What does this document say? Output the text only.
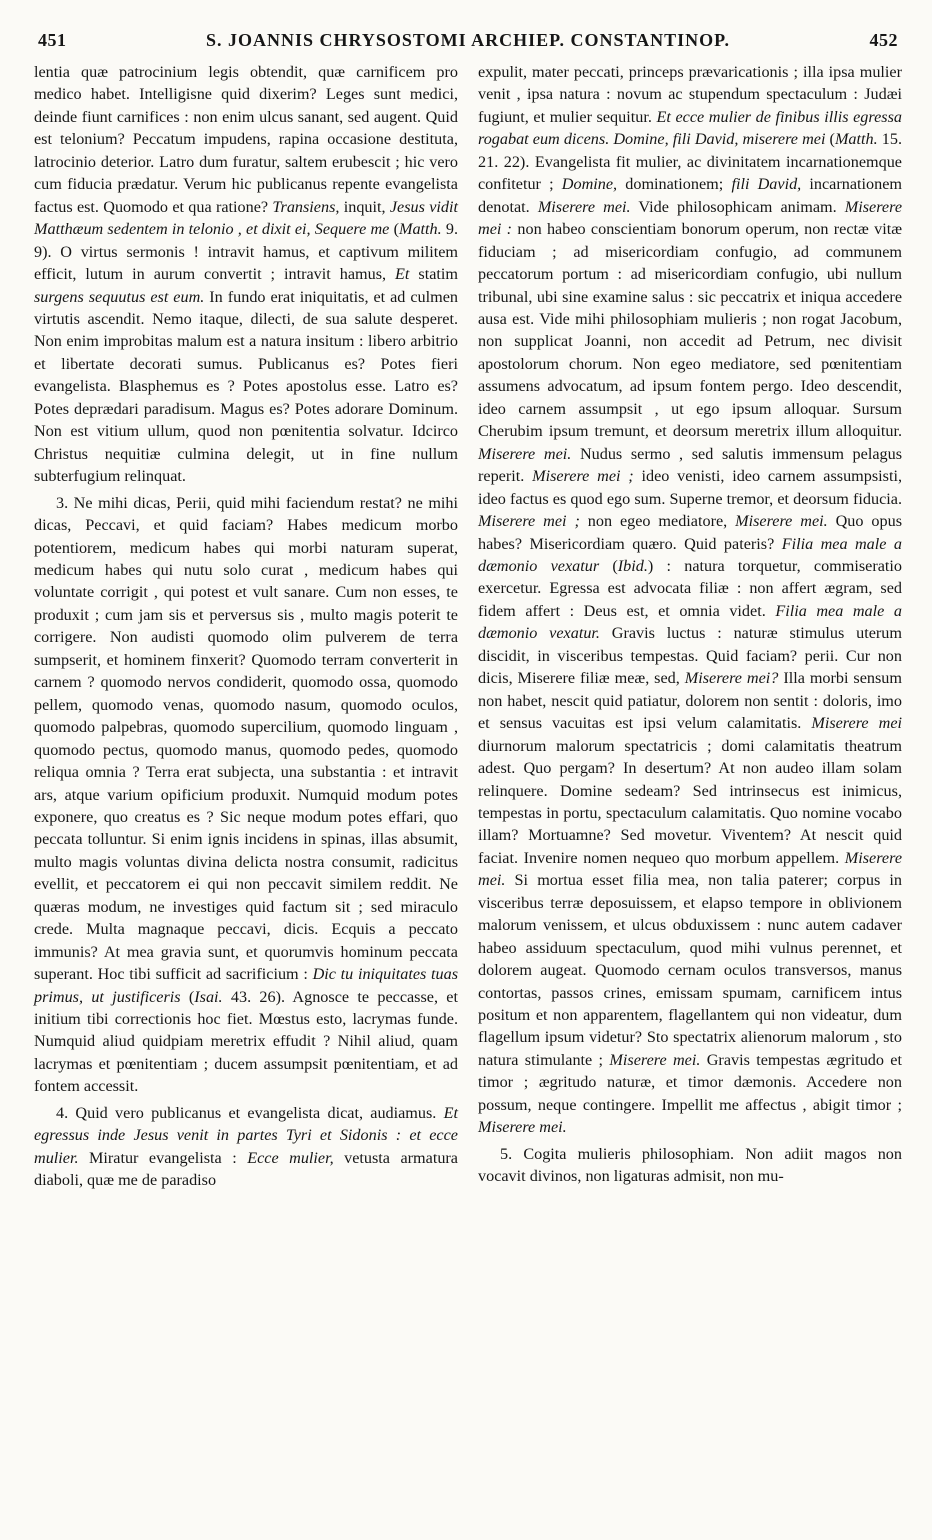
451	S. JOANNIS CHRYSOSTOMI ARCHIEP. CONSTANTINOP.	452

lentia quæ patrocinium legis obtendit, quæ carnificem pro medico habet. Intelligisne quid dixerim? Leges sunt medici, deinde fiunt carnifices : non enim ulcus sanant, sed augent. Quid est telonium? Peccatum impudens, rapina occasione destituta, latrocinio deterior. Latro dum furatur, saltem erubescit ; hic vero cum fiducia prædatur. Verum hic publicanus repente evangelista factus est. Quomodo et qua ratione? Transiens, inquit, Jesus vidit Matthæum sedentem in telonio , et dixit ei, Sequere me (Matth. 9. 9). O virtus sermonis ! intravit hamus, et captivum militem efficit, lutum in aurum convertit ; intravit hamus, Et statim surgens sequutus est eum. In fundo erat iniquitatis, et ad culmen virtutis ascendit. Nemo itaque, dilecti, de sua salute desperet. Non enim improbitas malum est a natura insitum : libero arbitrio et libertate decorati sumus. Publicanus es? Potes fieri evangelista. Blasphemus es ? Potes apostolus esse. Latro es? Potes deprædari paradisum. Magus es? Potes adorare Dominum. Non est vitium ullum, quod non pœnitentia solvatur. Idcirco Christus nequitiæ culmina delegit, ut in fine nullum subterfugium relinquat.

3. Ne mihi dicas, Perii, quid mihi faciendum restat? ne mihi dicas, Peccavi, et quid faciam? Habes medicum morbo potentiorem, medicum habes qui morbi naturam superat, medicum habes qui nutu solo curat , medicum habes qui voluntate corrigit , qui potest et vult sanare. Cum non esses, te produxit ; cum jam sis et perversus sis , multo magis poterit te corrigere. Non audisti quomodo olim pulverem de terra sumpserit, et hominem finxerit? Quomodo terram converterit in carnem ? quomodo nervos condiderit, quomodo ossa, quomodo pellem, quomodo venas, quomodo nasum, quomodo oculos, quomodo palpebras, quomodo supercilium, quomodo linguam , quomodo pectus, quomodo manus, quomodo pedes, quomodo reliqua omnia ? Terra erat subjecta, una substantia : et intravit ars, atque varium opificium produxit. Numquid modum potes exponere, quo creatus es ? Sic neque modum potes effari, quo peccata tolluntur. Si enim ignis incidens in spinas, illas absumit, multo magis voluntas divina delicta nostra consumit, radicitus evellit, et peccatorem ei qui non peccavit similem reddit. Ne quæras modum, ne investiges quid factum sit ; sed miraculo crede. Multa magnaque peccavi, dicis. Ecquis a peccato immunis? At mea gravia sunt, et quorumvis hominum peccata superant. Hoc tibi sufficit ad sacrificium : Dic tu iniquitates tuas primus, ut justificeris (Isai. 43. 26). Agnosce te peccasse, et initium tibi correctionis hoc fiet. Mœstus esto, lacrymas funde. Numquid aliud quidpiam meretrix effudit ? Nihil aliud, quam lacrymas et pœnitentiam ; ducem assumpsit pœnitentiam, et ad fontem accessit.

4. Quid vero publicanus et evangelista dicat, audiamus. Et egressus inde Jesus venit in partes Tyri et Sidonis : et ecce mulier. Miratur evangelista : Ecce mulier, vetusta armatura diaboli, quæ me de paradiso

expulit, mater peccati, princeps prævaricationis ; illa ipsa mulier venit , ipsa natura : novum ac stupendum spectaculum : Judæi fugiunt, et mulier sequitur. Et ecce mulier de finibus illis egressa rogabat eum dicens. Domine, fili David, miserere mei (Matth. 15. 21. 22). Evangelista fit mulier, ac divinitatem incarnationemque confitetur ; Domine, dominationem; fili David, incarnationem denotat. Miserere mei. Vide philosophicam animam. Miserere mei : non habeo conscientiam bonorum operum, non rectæ vitæ fiduciam ; ad misericordiam confugio, ad communem peccatorum portum : ad misericordiam confugio, ubi nullum tribunal, ubi sine examine salus : sic peccatrix et iniqua accedere ausa est. Vide mihi philosophiam mulieris ; non rogat Jacobum, non supplicat Joanni, non accedit ad Petrum, nec divisit apostolorum chorum. Non egeo mediatore, sed pœnitentiam assumens advocatum, ad ipsum fontem pergo. Ideo descendit, ideo carnem assumpsit , ut ego ipsum alloquar. Sursum Cherubim ipsum tremunt, et deorsum meretrix illum alloquitur. Miserere mei. Nudus sermo , sed salutis immensum pelagus reperit. Miserere mei ; ideo venisti, ideo carnem assumpsisti, ideo factus es quod ego sum. Superne tremor, et deorsum fiducia. Miserere mei ; non egeo mediatore, Miserere mei. Quo opus habes? Misericordiam quæro. Quid pateris? Filia mea male a dæmonio vexatur (Ibid.) : natura torquetur, commiseratio exercetur. Egressa est advocata filiæ : non affert ægram, sed fidem affert : Deus est, et omnia videt. Filia mea male a dæmonio vexatur. Gravis luctus : naturæ stimulus uterum discidit, in visceribus tempestas. Quid faciam? perii. Cur non dicis, Miserere filiæ meæ, sed, Miserere mei? Illa morbi sensum non habet, nescit quid patiatur, dolorem non sentit : doloris, imo et sensus vacuitas est ipsi velum calamitatis. Miserere mei diurnorum malorum spectatricis ; domi calamitatis theatrum adest. Quo pergam? In desertum? At non audeo illam solam relinquere. Domine sedeam? Sed intrinsecus est inimicus, tempestas in portu, spectaculum calamitatis. Quo nomine vocabo illam? Mortuamne? Sed movetur. Viventem? At nescit quid faciat. Invenire nomen nequeo quo morbum appellem. Miserere mei. Si mortua esset filia mea, non talia paterer; corpus in visceribus terræ deposuissem, et elapso tempore in oblivionem malorum venissem, et ulcus obduxissem : nunc autem cadaver habeo assiduum spectaculum, quod mihi vulnus perennet, et dolorem augeat. Quomodo cernam oculos transversos, manus contortas, passos crines, emissam spumam, carnificem intus positum et non apparentem, flagellantem qui non videatur, dum flagellum ipsum videtur? Sto spectatrix alienorum malorum , sto natura stimulante ; Miserere mei. Gravis tempestas ægritudo et timor ; ægritudo naturæ, et timor dæmonis. Accedere non possum, neque contingere. Impellit me affectus , abigit timor ; Miserere mei.

5. Cogita mulieris philosophiam. Non adiit magos non vocavit divinos, non ligaturas admisit, non mu-
